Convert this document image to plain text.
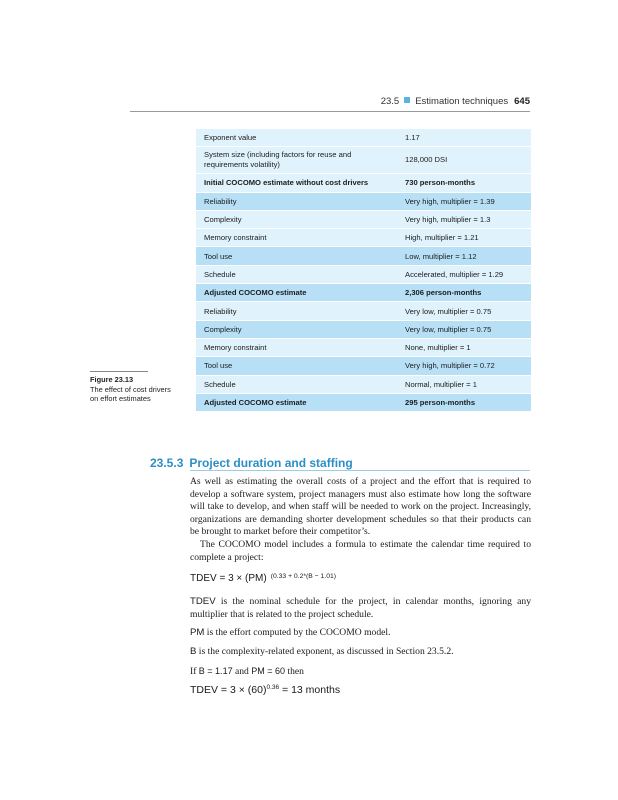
23.5 Estimation techniques 645
Exponent value	1.17
System size (including factors for reuse and requirements volatility)	128,000 DSI
Initial COCOMO estimate without cost drivers	730 person-months
Reliability	Very high, multiplier = 1.39
Complexity	Very high, multiplier = 1.3
Memory constraint	High, multiplier = 1.21
Tool use	Low, multiplier = 1.12
Schedule	Accelerated, multiplier = 1.29
Adjusted COCOMO estimate	2,306 person-months
Reliability	Very low, multiplier = 0.75
Complexity	Very low, multiplier = 0.75
Memory constraint	None, multiplier = 1
Tool use	Very high, multiplier = 0.72
Schedule	Normal, multiplier = 1
Adjusted COCOMO estimate	295 person-months
Figure 23.13
The effect of cost drivers on effort estimates
23.5.3 Project duration and staffing

As well as estimating the overall costs of a project and the effort that is required to develop a software system, project managers must also estimate how long the software will take to develop, and when staff will be needed to work on the project. Increasingly, organizations are demanding shorter development schedules so that their products can be brought to market before their competitor’s.

The COCOMO model includes a formula to estimate the calendar time required to complete a project:

TDEV = 3 × (PM) $^{(0.33 + 0.2*(B - 1.01)}$
TDEV is the nominal schedule for the project, in calendar months, ignoring any multiplier that is related to the project schedule.
PM is the effort computed by the COCOMO model.
B is the complexity-related exponent, as discussed in Section 23.5.2.
If B = 1.17 and PM = 60 then
TDEV = $3 \times (60)^{0.36} = 13$ months
